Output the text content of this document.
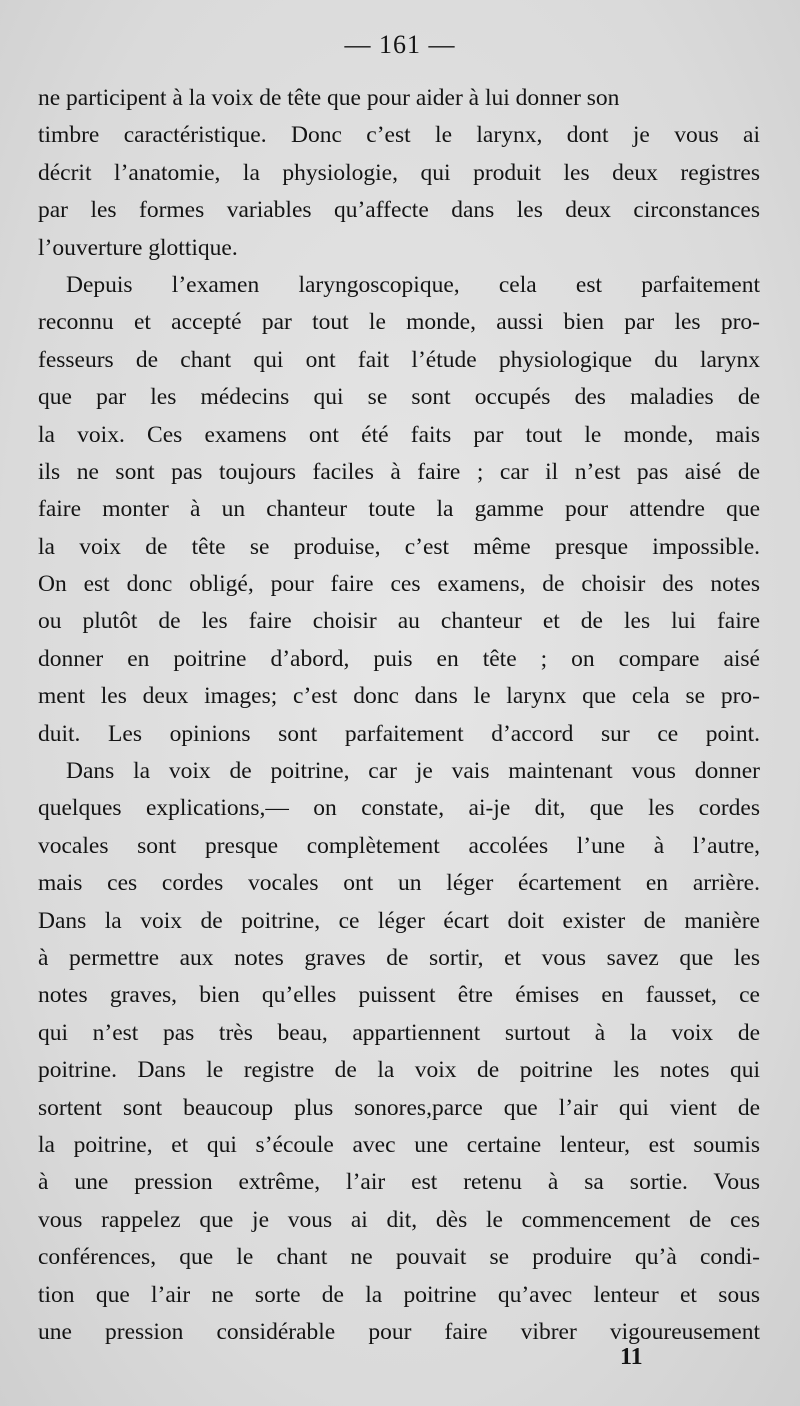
— 161 —
ne participent à la voix de tête que pour aider à lui donner son
timbre caractéristique. Donc c’est le larynx, dont je vous ai
décrit l’anatomie, la physiologie, qui produit les deux registres
par les formes variables qu’affecte dans les deux circonstances
l’ouverture glottique.
Depuis l’examen laryngoscopique, cela est parfaitement
reconnu et accepté par tout le monde, aussi bien par les pro-
fesseurs de chant qui ont fait l’étude physiologique du larynx
que par les médecins qui se sont occupés des maladies de
la voix. Ces examens ont été faits par tout le monde, mais
ils ne sont pas toujours faciles à faire ; car il n’est pas aisé de
faire monter à un chanteur toute la gamme pour attendre que
la voix de tête se produise, c’est même presque impossible.
On est donc obligé, pour faire ces examens, de choisir des notes
ou plutôt de les faire choisir au chanteur et de les lui faire
donner en poitrine d’abord, puis en tête ; on compare aisé
ment les deux images; c’est donc dans le larynx que cela se pro-
duit. Les opinions sont parfaitement d’accord sur ce point.
Dans la voix de poitrine, car je vais maintenant vous donner
quelques explications,— on constate, ai-je dit, que les cordes
vocales sont presque complètement accolées l’une à l’autre,
mais ces cordes vocales ont un léger écartement en arrière.
Dans la voix de poitrine, ce léger écart doit exister de manière
à permettre aux notes graves de sortir, et vous savez que les
notes graves, bien qu’elles puissent être émises en fausset, ce
qui n’est pas très beau, appartiennent surtout à la voix de
poitrine. Dans le registre de la voix de poitrine les notes qui
sortent sont beaucoup plus sonores,parce que l’air qui vient de
la poitrine, et qui s’écoule avec une certaine lenteur, est soumis
à une pression extrême, l’air est retenu à sa sortie. Vous
vous rappelez que je vous ai dit, dès le commencement de ces
conférences, que le chant ne pouvait se produire qu’à condi-
tion que l’air ne sorte de la poitrine qu’avec lenteur et sous
une pression considérable pour faire vibrer vigoureusement
11
